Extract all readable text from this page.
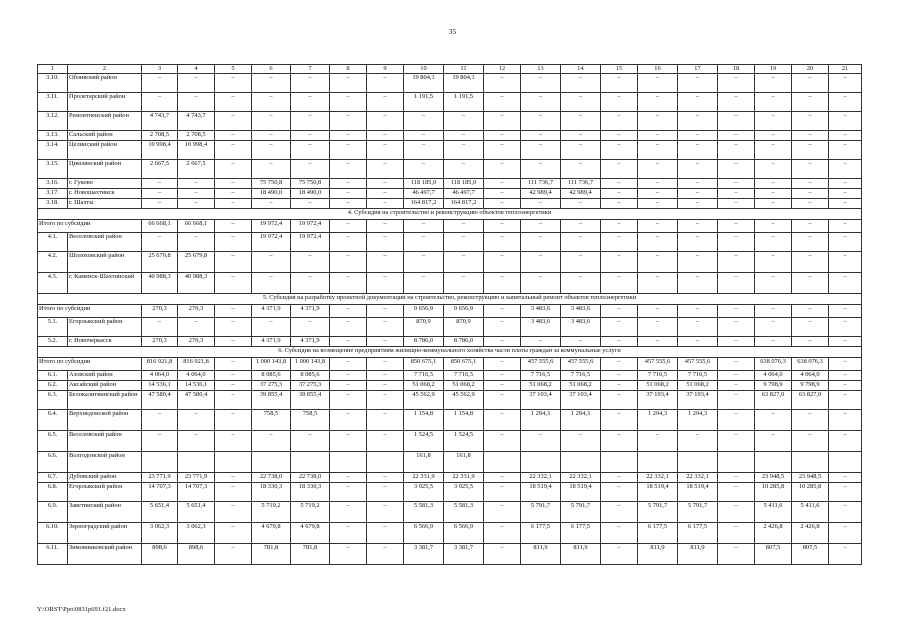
35
1	2	3	4	5	6	7	8	9	10	11	12	13	14	15	16	17	18	19	20	21
3.10.	Обливский район	–	–	–	–	–	–	–	19 804,1	19 804,1	–	–	–	–	–	–	–	–	–	–
3.11.	Пролетарский район	–	–	–	–	–	–	–	1 191,5	1 191,5	–	–	–	–	–	–	–	–	–	–
3.12.	Ремонтненский район	4 743,7	4 743,7	–	–	–	–	–	–	–	–	–	–	–	–	–	–	–	–	–
3.13.	Сальский район	2 708,5	2 708,5	–	–	–	–	–	–	–	–	–	–	–	–	–	–	–	–	–
3.14.	Целинский район	10 998,4	10 998,4	–	–	–	–	–	–	–	–	–	–	–	–	–	–	–	–	–
3.15.	Цимлянский район	2 667,5	2 667,5	–	–	–	–	–	–	–	–	–	–	–	–	–	–	–	–	–
3.16.	г. Гуково	–	–	–	75 750,8	75 750,8	–	–	118 185,0	118 185,0	–	111 736,7	111 736,7	–	–	–	–	–	–	–
3.17.	г. Новошахтинск	–	–	–	18 490,0	18 490,0	–	–	46 497,7	46 497,7	–	42 989,4	42 989,4	–	–	–	–	–	–	–
3.18.	г. Шахты	–	–	–	–	–	–	–	164 817,2	164 817,2	–	–	–	–	–	–	–	–	–	–
4. Субсидия на строительство и реконструкцию объектов теплоэнергетики																				
Итого по субсидии		66 668,1	66 668,1	–	19 972,4	19 972,4	–	–	–	–	–	–	–	–	–	–	–	–	–	–
4.1.	Веселовский район	–	–	–	19 972,4	19 972,4	–	–	–	–	–	–	–	–	–	–	–	–	–	–
4.2.	Шолоховский район	25 679,8	25 679,8	–	–	–	–	–	–	–	–	–	–	–	–	–	–	–	–	–
4.3.	г. Каменск-Шахтинский	40 988,3	40 988,3	–	–	–	–	–	–	–	–	–	–	–	–	–	–	–	–	–
5. Субсидия на разработку проектной документации на строительство, реконструкцию и капитальный ремонт объектов теплоэнергетики																				
Итого по субсидии		270,3	270,3	–	4 371,9	4 371,9	–	–	9 656,9	9 656,9	–	3 483,6	3 483,6	–	–	–	–	–	–	–
5.1.	Егорлыкский район	–	–	–	–	–	–	–	870,9	870,9	–	3 483,6	3 483,6	–	–	–	–	–	–	–
5.2.	г. Новочеркасск	270,3	270,3	–	4 371,9	4 371,9	–	–	8 786,0	8 786,0	–	–	–	–	–	–	–	–	–	–
6. Субсидия на возмещение предприятиям жилищно-коммунального хозяйства части платы граждан за коммунальные услуги																				
Итого по субсидии		816 921,8	816 921,8	–	1 000 143,8	1 000 143,8	–	–	850 675,1	850 675,1	–	457 555,6	457 555,6	–	457 555,6	457 555,6	–	638 076,3	638 076,3	–
6.1.	Азовский район	4 064,0	4 064,0	–	8 085,6	8 085,6	–	–	7 716,5	7 716,5	–	7 716,5	7 716,5	–	7 716,5	7 716,5	–	4 064,0	4 064,0	–
6.2.	Аксайский район	14 536,1	14 536,1	–	37 275,3	37 275,3	–	–	51 068,2	51 068,2	–	51 068,2	51 068,2	–	51 068,2	51 068,2	–	9 798,9	9 798,9	–
6.3.	Белокалитвинский район	47 580,4	47 580,4	–	39 855,4	39 855,4	–	–	45 562,9	45 562,9	–	37 103,4	37 103,4	–	37 103,4	37 103,4	–	63 827,0	63 827,0	–
6.4.	Верхнедонской район	–	–	–	758,5	758,5	–	–	1 154,8	1 154,8	–	1 294,3	1 294,3	–	1 294,3	1 294,3	–	–	–	–
6.5.	Веселовский район	–	–	–	–	–	–	–	1 524,5	1 524,5	–	–	–	–	–	–	–	–	–	–
6.6.	Волгодонской район								161,8	161,8										
6.7.	Дубовский район	23 771,9	23 771,9	–	22 738,0	22 738,0	–	–	22 331,9	22 331,9	–	22 332,1	22 332,1	–	22 332,1	22 332,1	–	23 948,5	23 948,5	–
6.8.	Егорлыкский район	14 707,3	14 707,3	–	18 330,3	18 330,3	–	–	3 925,5	3 925,5	–	18 519,4	18 519,4	–	18 519,4	18 519,4	–	10 285,8	10 285,8	–
6.9.	Заветинский район	5 651,4	5 651,4	–	5 719,2	5 719,2	–	–	5 581,3	5 581,3	–	5 791,7	5 791,7	–	5 791,7	5 791,7	–	5 411,6	5 411,6	–
6.10.	Зерноградский район	3 062,3	3 062,3	–	4 679,8	4 679,8	–	–	6 566,9	6 566,9	–	6 177,5	6 177,5	–	6 177,5	6 177,5	–	2 426,8	2 426,8	–
6.11.	Зимовниковский район	898,6	898,6	–	781,8	781,8	–	–	3 381,7	3 381,7	–	811,9	811,9	–	811,9	811,9	–	807,5	807,5	–
Y:\ORST\Ppo\0831p691.f21.docx
